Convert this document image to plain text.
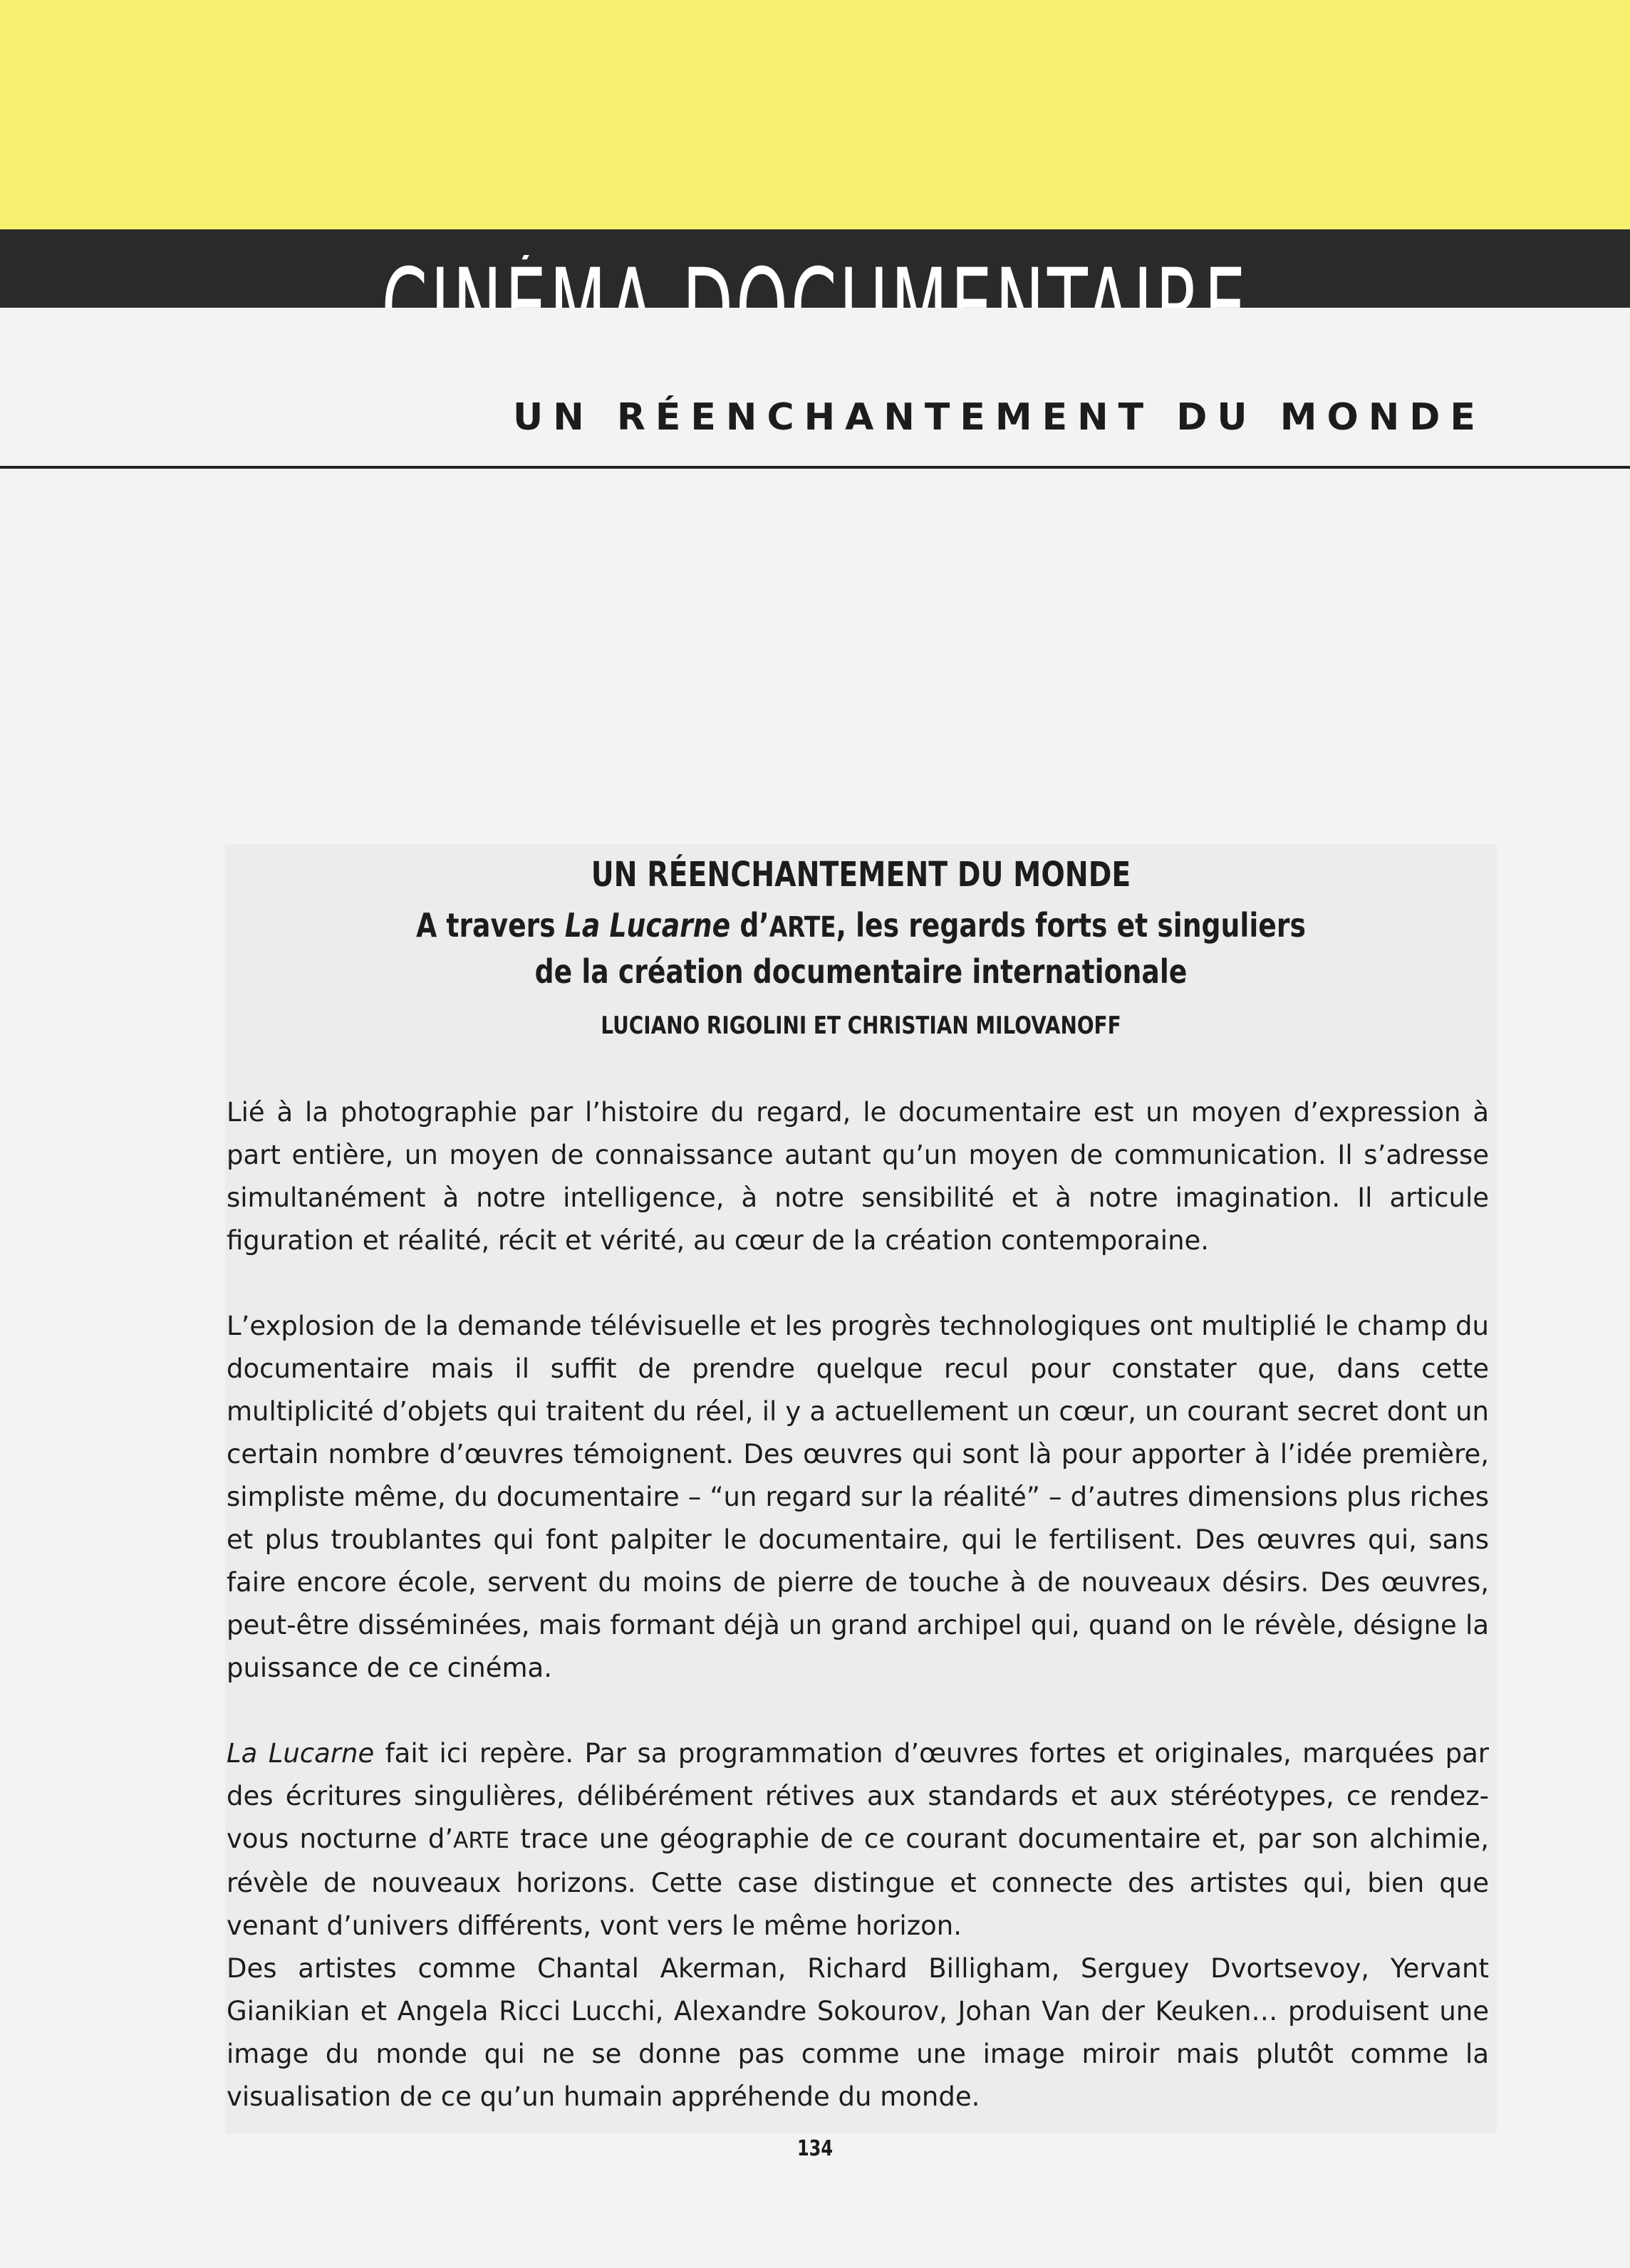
UN RÉENCHANTEMENT DU MONDE
UN RÉENCHANTEMENT DU MONDE
A travers La Lucarne d’ARTE, les regards forts et singuliers
de la création documentaire internationale
LUCIANO RIGOLINI ET CHRISTIAN MILOVANOFF

Lié à la photographie par l’histoire du regard, le documentaire est un moyen d’expression à part entière, un moyen de connaissance autant qu’un moyen de communication. Il s’adresse simultanément à notre intelligence, à notre sensibilité et à notre imagination. Il articule figuration et réalité, récit et vérité, au cœur de la création contemporaine.

L’explosion de la demande télévisuelle et les progrès technologiques ont multiplié le champ du documentaire mais il suffit de prendre quelque recul pour constater que, dans cette multiplicité d’objets qui traitent du réel, il y a actuellement un cœur, un courant secret dont un certain nombre d’œuvres témoignent. Des œuvres qui sont là pour apporter à l’idée première, simpliste même, du documentaire – “un regard sur la réalité” – d’autres dimensions plus riches et plus troublantes qui font palpiter le documentaire, qui le fertilisent. Des œuvres qui, sans faire encore école, servent du moins de pierre de touche à de nouveaux désirs. Des œuvres, peut-être disséminées, mais formant déjà un grand archipel qui, quand on le révèle, désigne la puissance de ce cinéma.

La Lucarne fait ici repère. Par sa programmation d’œuvres fortes et originales, marquées par des écritures singulières, délibérément rétives aux standards et aux stéréotypes, ce rendez-vous nocturne d’ARTE trace une géographie de ce courant documentaire et, par son alchimie, révèle de nouveaux horizons. Cette case distingue et connecte des artistes qui, bien que venant d’univers différents, vont vers le même horizon.

Des artistes comme Chantal Akerman, Richard Billigham, Serguey Dvortsevoy, Yervant Gianikian et Angela Ricci Lucchi, Alexandre Sokourov, Johan Van der Keuken… produisent une image du monde qui ne se donne pas comme une image miroir mais plutôt comme la visualisation de ce qu’un humain appréhende du monde.

134
